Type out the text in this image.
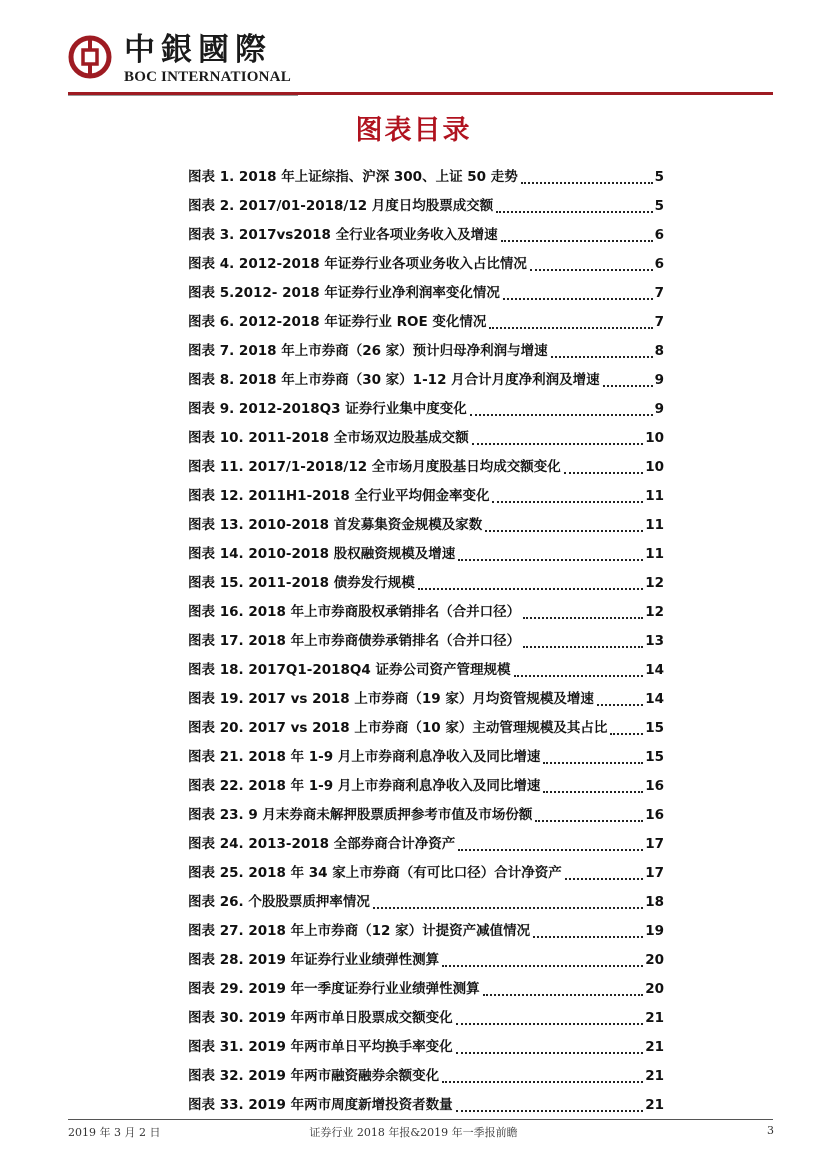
中銀國際
BOC INTERNATIONAL
图表目录
图表 1. 2018 年上证综指、沪深 300、上证 50 走势	5
图表 2. 2017/01-2018/12 月度日均股票成交额	5
图表 3. 2017vs2018 全行业各项业务收入及增速	6
图表 4. 2012-2018 年证券行业各项业务收入占比情况	6
图表 5.2012- 2018 年证券行业净利润率变化情况	7
图表 6. 2012-2018 年证券行业 ROE 变化情况	7
图表 7. 2018 年上市券商（26 家）预计归母净利润与增速	8
图表 8. 2018 年上市券商（30 家）1-12 月合计月度净利润及增速	9
图表 9. 2012-2018Q3 证券行业集中度变化	9
图表 10. 2011-2018 全市场双边股基成交额	10
图表 11. 2017/1-2018/12 全市场月度股基日均成交额变化	10
图表 12. 2011H1-2018 全行业平均佣金率变化	11
图表 13. 2010-2018 首发募集资金规模及家数	11
图表 14. 2010-2018 股权融资规模及增速	11
图表 15. 2011-2018 债券发行规模	12
图表 16. 2018 年上市券商股权承销排名（合并口径）	12
图表 17. 2018 年上市券商债券承销排名（合并口径）	13
图表 18. 2017Q1-2018Q4 证券公司资产管理规模	14
图表 19. 2017 vs 2018 上市券商（19 家）月均资管规模及增速	14
图表 20. 2017 vs 2018 上市券商（10 家）主动管理规模及其占比	15
图表 21. 2018 年 1-9 月上市券商利息净收入及同比增速	15
图表 22. 2018 年 1-9 月上市券商利息净收入及同比增速	16
图表 23. 9 月末券商未解押股票质押参考市值及市场份额	16
图表 24. 2013-2018 全部券商合计净资产	17
图表 25. 2018 年 34 家上市券商（有可比口径）合计净资产	17
图表 26. 个股股票质押率情况	18
图表 27. 2018 年上市券商（12 家）计提资产减值情况	19
图表 28. 2019 年证券行业业绩弹性测算	20
图表 29. 2019 年一季度证券行业业绩弹性测算	20
图表 30. 2019 年两市单日股票成交额变化	21
图表 31. 2019 年两市单日平均换手率变化	21
图表 32. 2019 年两市融资融券余额变化	21
图表 33. 2019 年两市周度新增投资者数量	21
2019 年 3 月 2 日	证券行业 2018 年报&2019 年一季报前瞻	3
